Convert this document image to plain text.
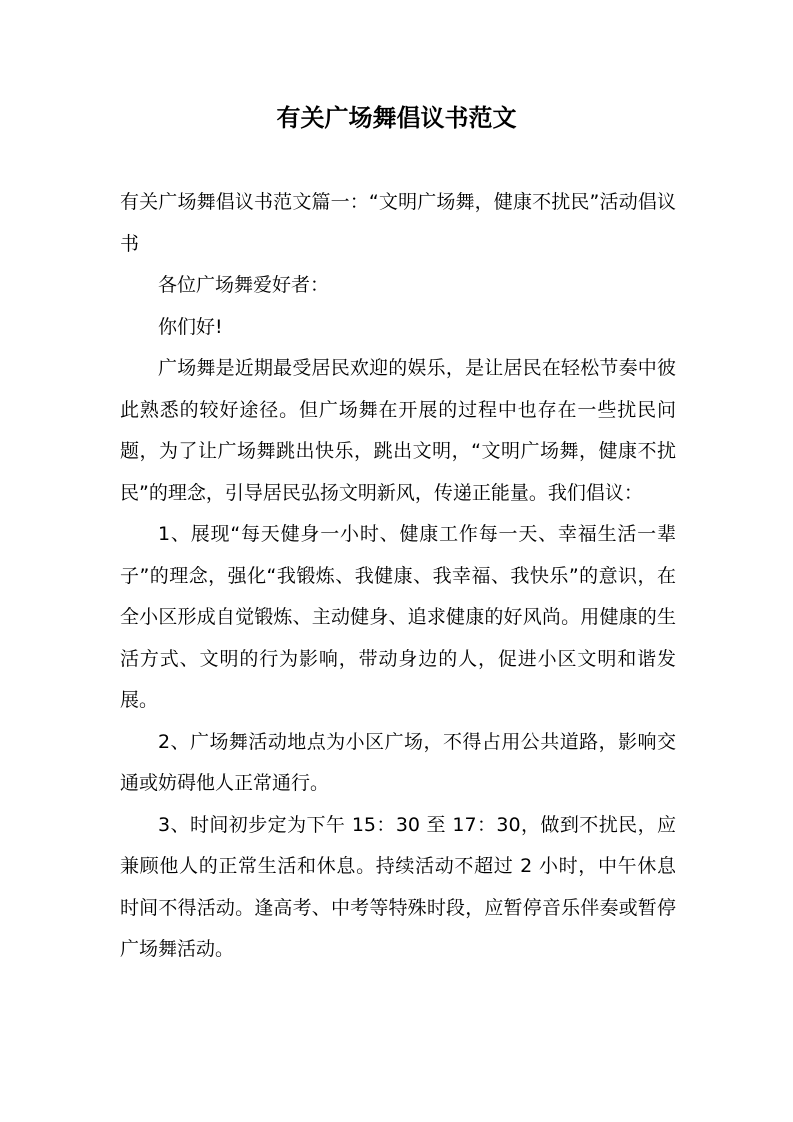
有关广场舞倡议书范文

有关广场舞倡议书范文篇一：“文明广场舞，健康不扰民”活动倡议书

各位广场舞爱好者：

你们好!

广场舞是近期最受居民欢迎的娱乐，是让居民在轻松节奏中彼此熟悉的较好途径。但广场舞在开展的过程中也存在一些扰民问题，为了让广场舞跳出快乐，跳出文明，“文明广场舞，健康不扰民”的理念，引导居民弘扬文明新风，传递正能量。我们倡议：

1、展现“每天健身一小时、健康工作每一天、幸福生活一辈子”的理念，强化“我锻炼、我健康、我幸福、我快乐”的意识，在全小区形成自觉锻炼、主动健身、追求健康的好风尚。用健康的生活方式、文明的行为影响，带动身边的人，促进小区文明和谐发展。

2、广场舞活动地点为小区广场，不得占用公共道路，影响交通或妨碍他人正常通行。

3、时间初步定为下午 15：30 至 17：30，做到不扰民，应兼顾他人的正常生活和休息。持续活动不超过 2 小时，中午休息时间不得活动。逢高考、中考等特殊时段，应暂停音乐伴奏或暂停广场舞活动。
